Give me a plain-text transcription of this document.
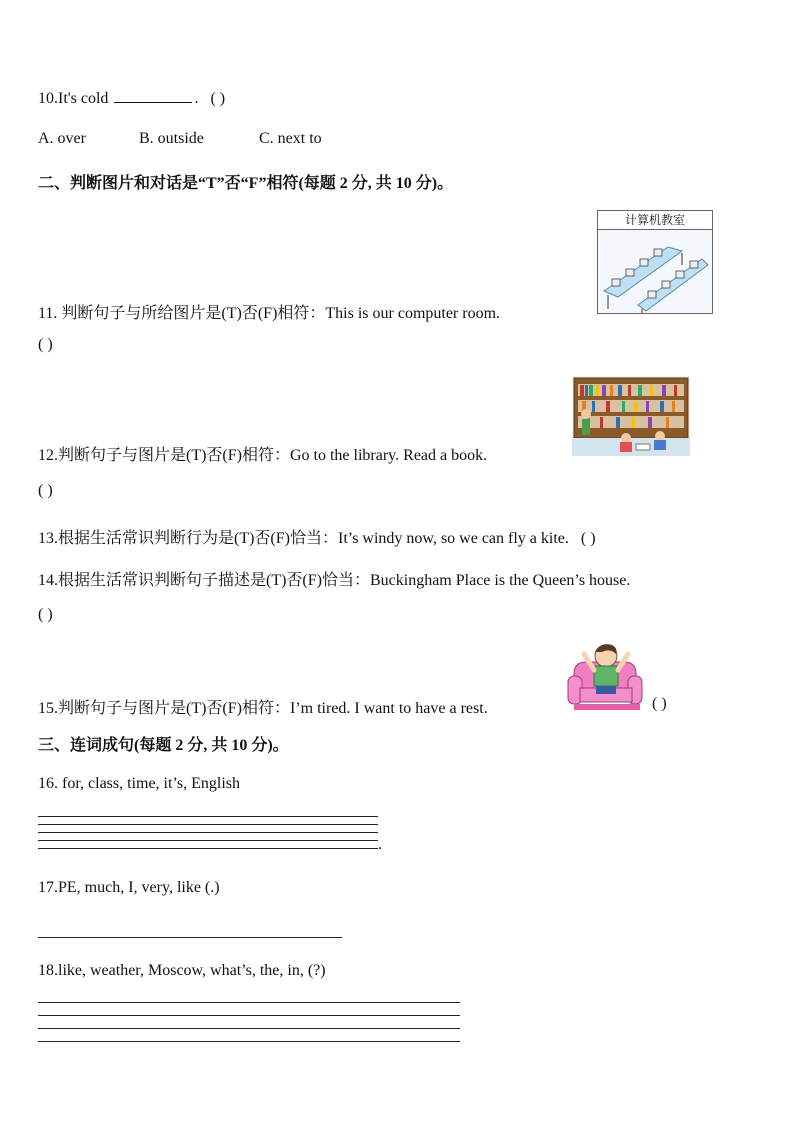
10.It's cold	. ( )
A. over	B. outside	C. next to
二、判断图片和对话是“T”否“F”相符(每题 2 分, 共 10 分)。
计算机教室
11. 判断句子与所给图片是(T)否(F)相符：This is our computer room.
( )
12.判断句子与图片是(T)否(F)相符：Go to the library. Read a book.
( )
13.根据生活常识判断行为是(T)否(F)恰当：It’s windy now, so we can fly a kite. ( )
14.根据生活常识判断句子描述是(T)否(F)恰当：Buckingham Place is the Queen’s house.
( )
15.判断句子与图片是(T)否(F)相符：I’m tired. I want to have a rest.	( )
三、连词成句(每题 2 分, 共 10 分)。
16. for, class, time, it’s, English
.
17.PE, much, I, very, like (.)
18.like, weather, Moscow, what’s, the, in, (?)
